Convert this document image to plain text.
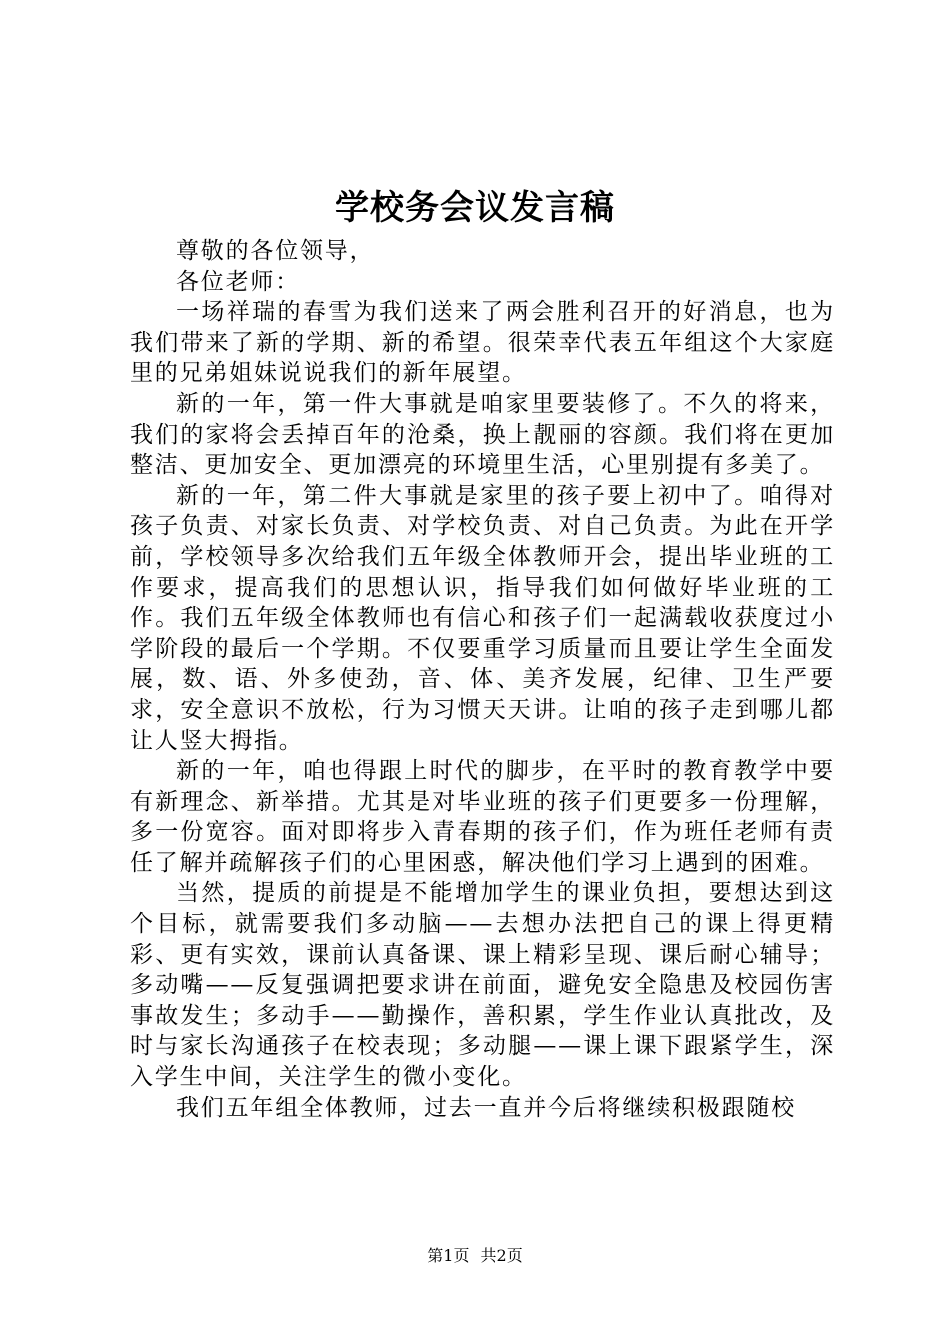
学校务会议发言稿

尊敬的各位领导，

各位老师：

一场祥瑞的春雪为我们送来了两会胜利召开的好消息，也为我们带来了新的学期、新的希望。很荣幸代表五年组这个大家庭里的兄弟姐妹说说我们的新年展望。

新的一年，第一件大事就是咱家里要装修了。不久的将来，我们的家将会丢掉百年的沧桑，换上靓丽的容颜。我们将在更加整洁、更加安全、更加漂亮的环境里生活，心里别提有多美了。

新的一年，第二件大事就是家里的孩子要上初中了。咱得对孩子负责、对家长负责、对学校负责、对自己负责。为此在开学前，学校领导多次给我们五年级全体教师开会，提出毕业班的工作要求，提高我们的思想认识，指导我们如何做好毕业班的工作。我们五年级全体教师也有信心和孩子们一起满载收获度过小学阶段的最后一个学期。不仅要重学习质量而且要让学生全面发展，数、语、外多使劲，音、体、美齐发展，纪律、卫生严要求，安全意识不放松，行为习惯天天讲。让咱的孩子走到哪儿都让人竖大拇指。

新的一年，咱也得跟上时代的脚步，在平时的教育教学中要有新理念、新举措。尤其是对毕业班的孩子们更要多一份理解，多一份宽容。面对即将步入青春期的孩子们，作为班任老师有责任了解并疏解孩子们的心里困惑，解决他们学习上遇到的困难。

当然，提质的前提是不能增加学生的课业负担，要想达到这个目标，就需要我们多动脑——去想办法把自己的课上得更精彩、更有实效，课前认真备课、课上精彩呈现、课后耐心辅导；多动嘴——反复强调把要求讲在前面，避免安全隐患及校园伤害事故发生；多动手——勤操作，善积累，学生作业认真批改，及时与家长沟通孩子在校表现；多动腿——课上课下跟紧学生，深入学生中间，关注学生的微小变化。

我们五年组全体教师，过去一直并今后将继续积极跟随校

第1页 共2页
